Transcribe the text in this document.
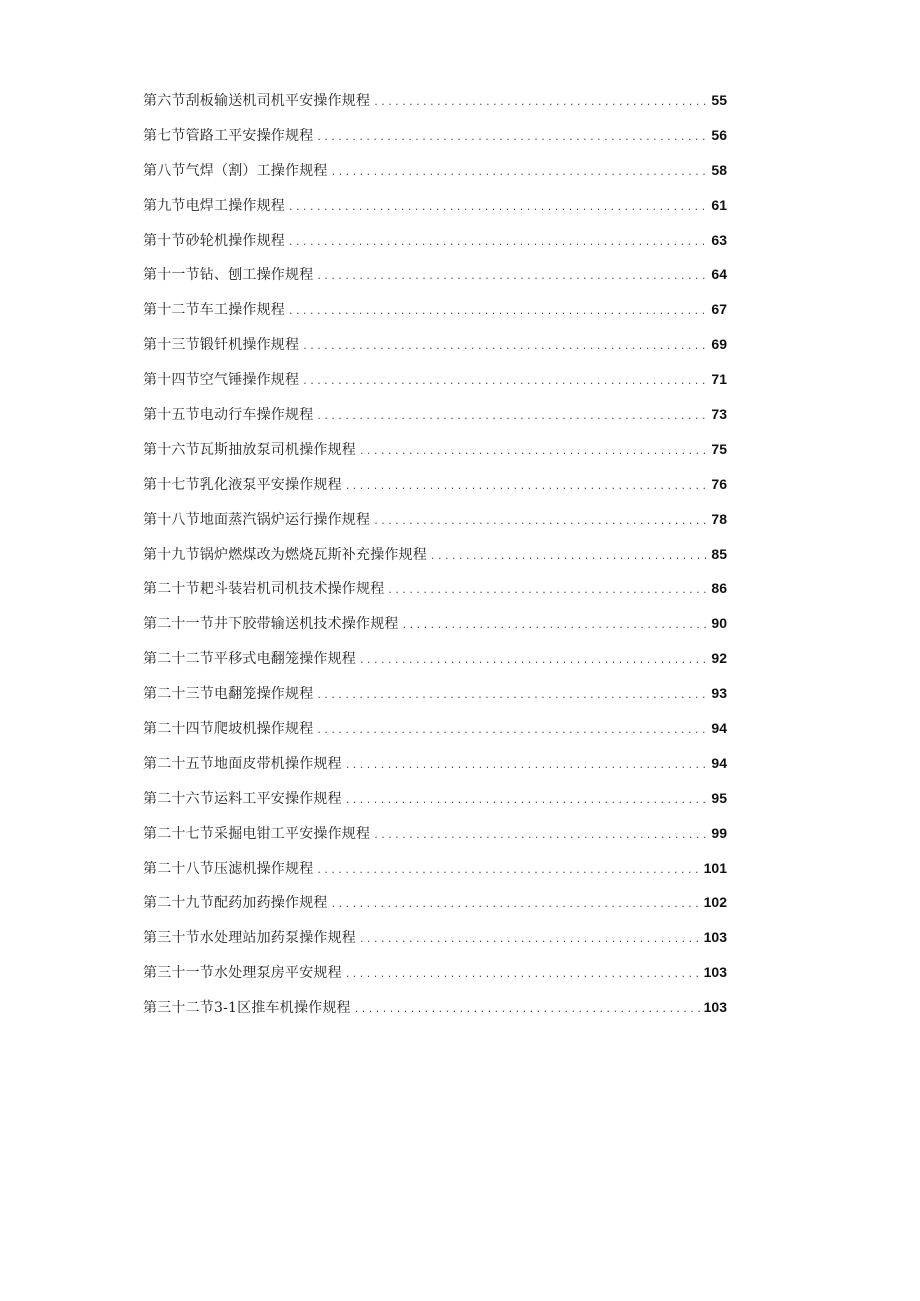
第六节刮板输送机司机平安操作规程 . . .	55
第七节管路工平安操作规程 . . .	56
第八节气焊（割）工操作规程 . . .	58
第九节电焊工操作规程 . . .	61
第十节砂轮机操作规程 . . .	63
第十一节钻、刨工操作规程 . . .	64
第十二节车工操作规程 . . .	67
第十三节锻钎机操作规程 . . .	69
第十四节空气锤操作规程 . . .	71
第十五节电动行车操作规程 . . .	73
第十六节瓦斯抽放泵司机操作规程 . . .	75
第十七节乳化液泵平安操作规程 . . .	76
第十八节地面蒸汽锅炉运行操作规程 . . .	78
第十九节锅炉燃煤改为燃烧瓦斯补充操作规程 . . .	85
第二十节耙斗装岩机司机技术操作规程 . . .	86
第二十一节井下胶带输送机技术操作规程 . . .	90
第二十二节平移式电翻笼操作规程 . . .	92
第二十三节电翻笼操作规程 . . .	93
第二十四节爬坡机操作规程 . . .	94
第二十五节地面皮带机操作规程 . . .	94
第二十六节运料工平安操作规程 . . .	95
第二十七节采掘电钳工平安操作规程 . . .	99
第二十八节压滤机操作规程 . . .	101
第二十九节配药加药操作规程 . . .	102
第三十节水处理站加药泵操作规程 . . .	103
第三十一节水处理泵房平安规程 . . .	103
第三十二节3-1区推车机操作规程 . . .	103
